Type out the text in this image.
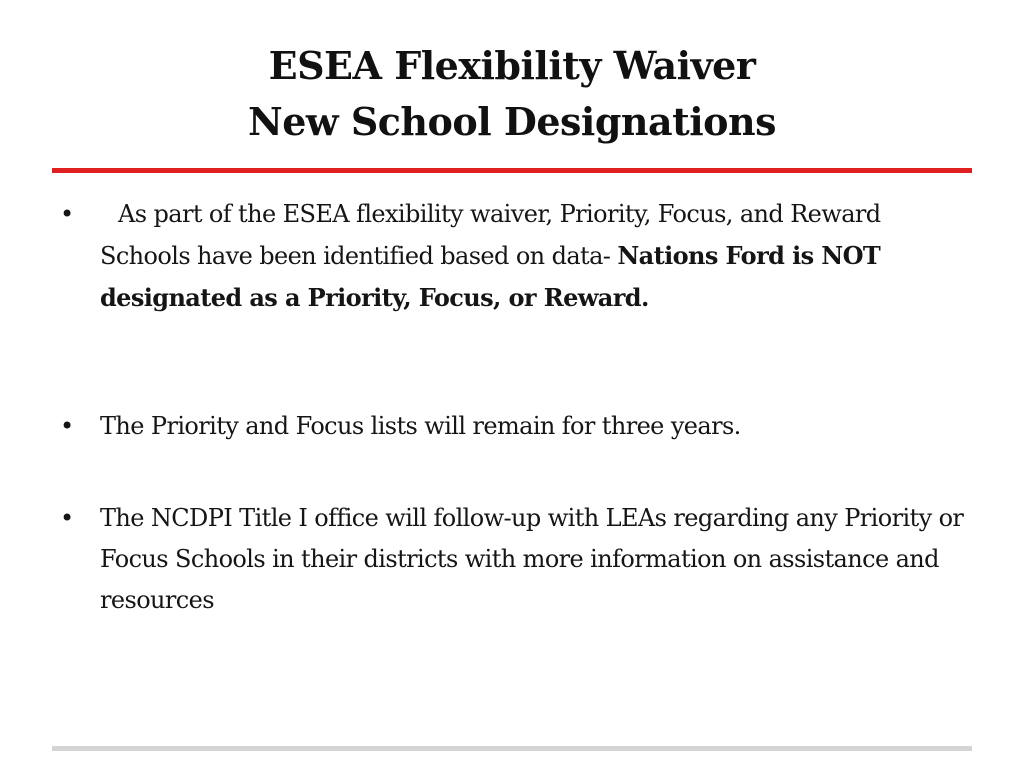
ESEA Flexibility Waiver
New School Designations
•	As part of the ESEA flexibility waiver, Priority, Focus, and Reward Schools have been identified based on data- Nations Ford is NOT designated as a Priority, Focus, or Reward.
•	The Priority and Focus lists will remain for three years.
•	The NCDPI Title I office will follow-up with LEAs regarding any Priority or Focus Schools in their districts with more information on assistance and resources
